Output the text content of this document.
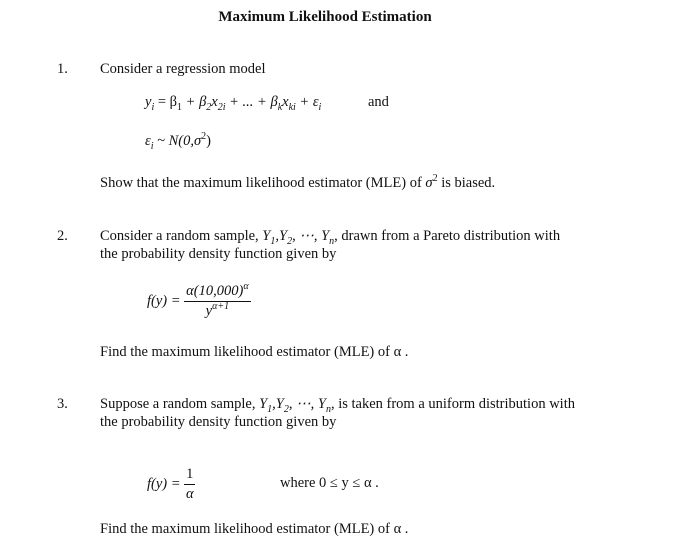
Maximum Likelihood Estimation
1. Consider a regression model
$y_i = \beta_1 + \beta_2x_{2i}$ + ... + $\beta_kx_{ki} + \varepsilon_i$	and
$\varepsilon_i$ ~ $N(0,\sigma^2)$
Show that the maximum likelihood estimator (MLE) of $\sigma^2$ is biased.
2. Consider a random sample, $Y_1,Y_2$, ⋯, $Y_n$, drawn from a Pareto distribution with
the probability density function given by
$f(y) = \frac{\alpha(10,000)^\alpha}{y^{\alpha+1}}$
Find the maximum likelihood estimator (MLE) of α .
3. Suppose a random sample, $Y_1,Y_2$, ⋯, $Y_n$, is taken from a uniform distribution with
the probability density function given by
$f(y) = \frac{1}{\alpha}$	where 0 ≤ y ≤ α .
Find the maximum likelihood estimator (MLE) of α .
